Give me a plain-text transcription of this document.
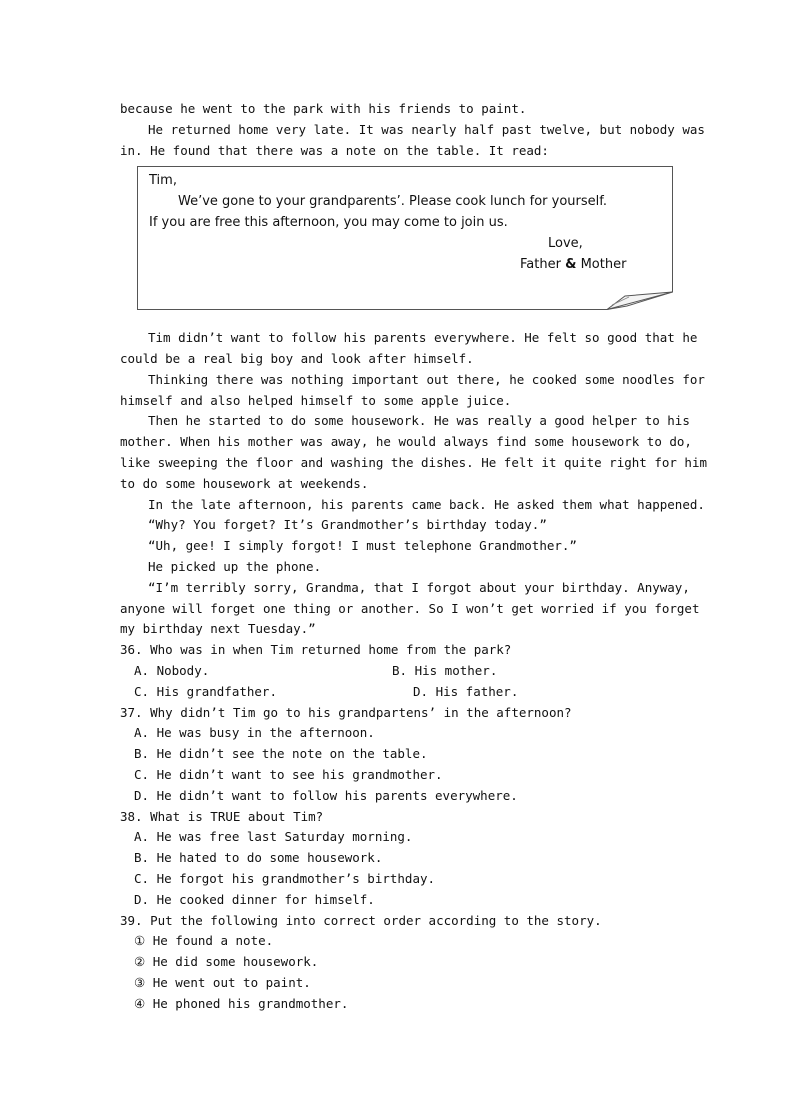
because he went to the park with his friends to paint.
He returned home very late. It was nearly half past twelve, but nobody was
in. He found that there was a note on the table. It read:
Tim,
We’ve gone to your grandparents’. Please cook lunch for yourself.
If you are free this afternoon, you may come to join us.
Love,
Father & Mother
Tim didn’t want to follow his parents everywhere. He felt so good that he
could be a real big boy and look after himself.
Thinking there was nothing important out there, he cooked some noodles for
himself and also helped himself to some apple juice.
Then he started to do some housework. He was really a good helper to his
mother. When his mother was away, he would always find some housework to do,
like sweeping the floor and washing the dishes. He felt it quite right for him
to do some housework at weekends.
In the late afternoon, his parents came back. He asked them what happened.
“Why? You forget? It’s Grandmother’s birthday today.”
“Uh, gee! I simply forgot! I must telephone Grandmother.”
He picked up the phone.
“I’m terribly sorry, Grandma, that I forgot about your birthday. Anyway,
anyone will forget one thing or another. So I won’t get worried if you forget
my birthday next Tuesday.”
36. Who was in when Tim returned home from the park?
A. Nobody.	B. His mother.
C. His grandfather.	D. His father.
37. Why didn’t Tim go to his grandpartens’ in the afternoon?
A. He was busy in the afternoon.
B. He didn’t see the note on the table.
C. He didn’t want to see his grandmother.
D. He didn’t want to follow his parents everywhere.
38. What is TRUE about Tim?
A. He was free last Saturday morning.
B. He hated to do some housework.
C. He forgot his grandmother’s birthday.
D. He cooked dinner for himself.
39. Put the following into correct order according to the story.
① He found a note.
② He did some housework.
③ He went out to paint.
④ He phoned his grandmother.
